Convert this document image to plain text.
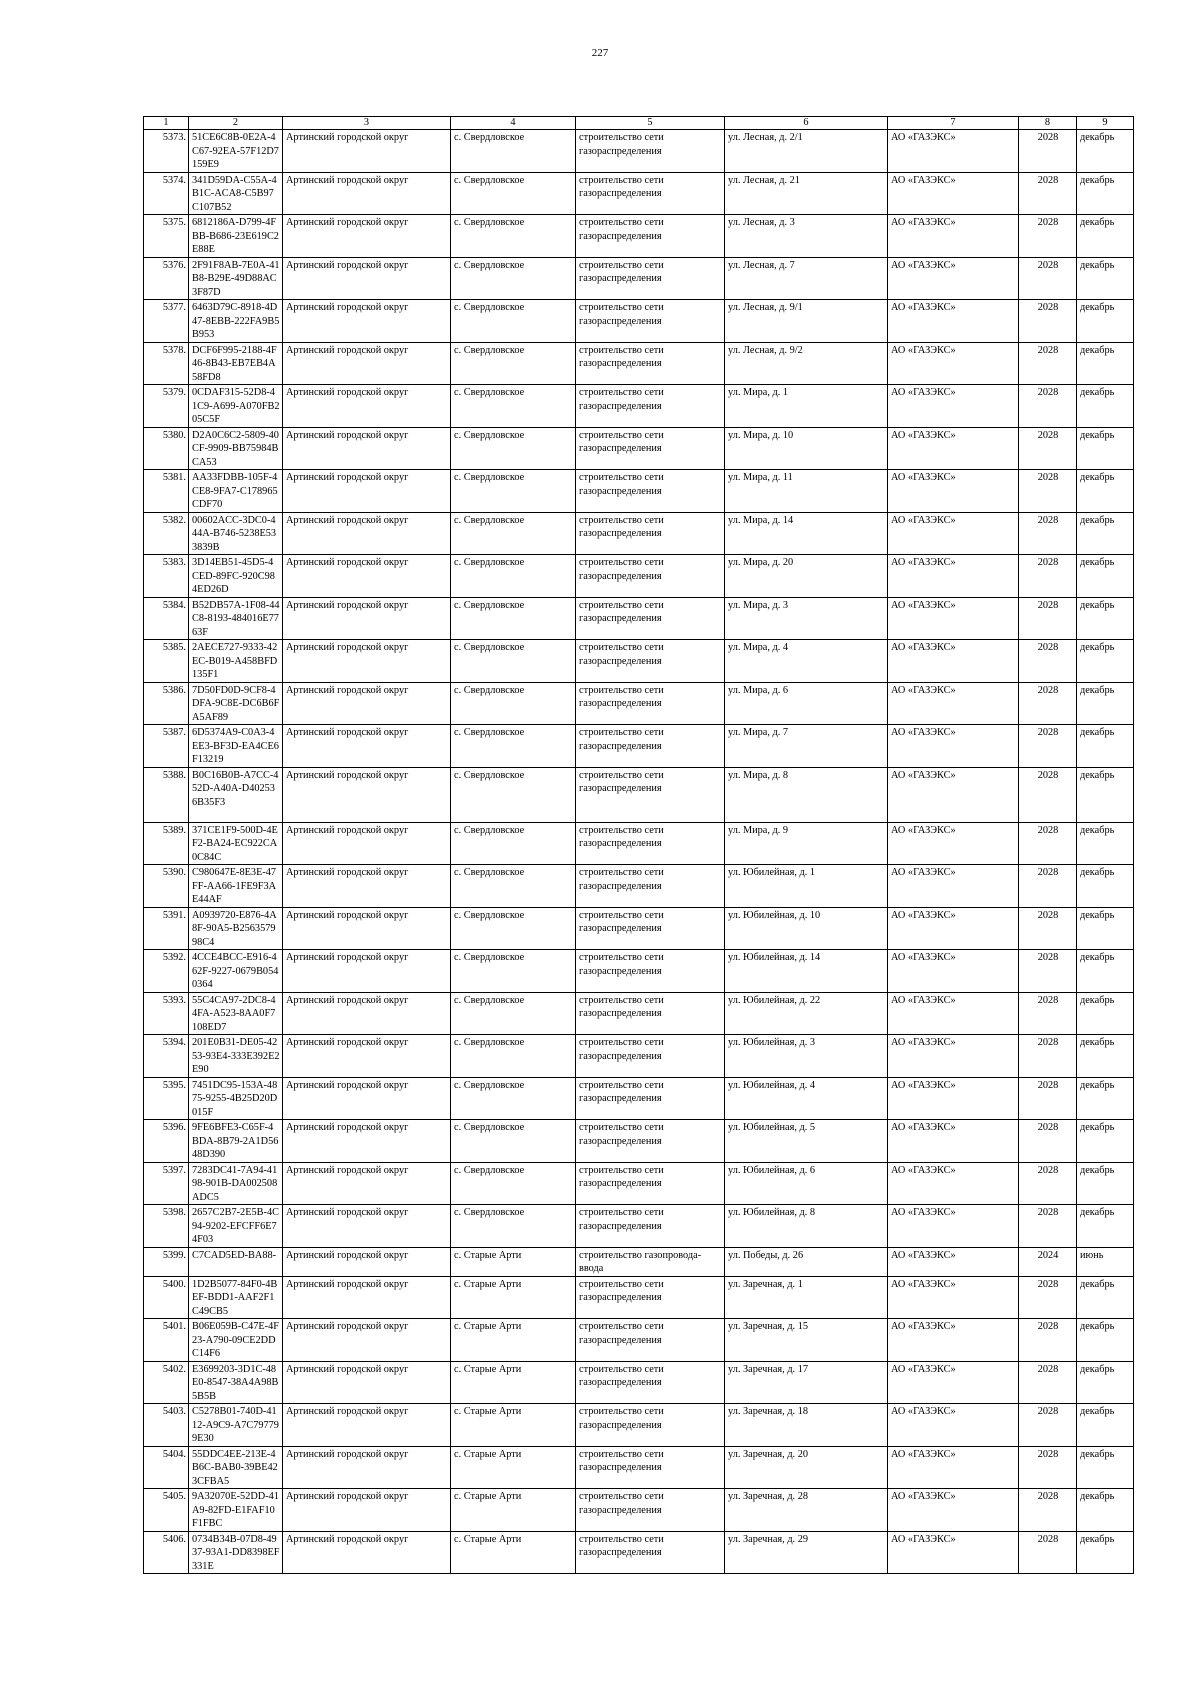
227
1	2	3	4	5	6	7	8	9
5373.	51CE6C8B-0E2A-4C67-92EA-57F12D7159E9	Артинский городской округ	с. Свердловское	строительство сети газораспределения	ул. Лесная, д. 2/1	АО «ГАЗЭКС»	2028	декабрь
5374.	341D59DA-C55A-4B1C-ACA8-C5B97C107B52	Артинский городской округ	с. Свердловское	строительство сети газораспределения	ул. Лесная, д. 21	АО «ГАЗЭКС»	2028	декабрь
5375.	6812186A-D799-4FBB-B686-23E619C2E88E	Артинский городской округ	с. Свердловское	строительство сети газораспределения	ул. Лесная, д. 3	АО «ГАЗЭКС»	2028	декабрь
5376.	2F91F8AB-7E0A-41B8-B29E-49D88AC3F87D	Артинский городской округ	с. Свердловское	строительство сети газораспределения	ул. Лесная, д. 7	АО «ГАЗЭКС»	2028	декабрь
5377.	6463D79C-8918-4D47-8EBB-222FA9B5B953	Артинский городской округ	с. Свердловское	строительство сети газораспределения	ул. Лесная, д. 9/1	АО «ГАЗЭКС»	2028	декабрь
5378.	DCF6F995-2188-4F46-8B43-EB7EB4A58FD8	Артинский городской округ	с. Свердловское	строительство сети газораспределения	ул. Лесная, д. 9/2	АО «ГАЗЭКС»	2028	декабрь
5379.	0CDAF315-52D8-41C9-A699-A070FB205C5F	Артинский городской округ	с. Свердловское	строительство сети газораспределения	ул. Мира, д. 1	АО «ГАЗЭКС»	2028	декабрь
5380.	D2A0C6C2-5809-40CF-9909-BB75984BCA53	Артинский городской округ	с. Свердловское	строительство сети газораспределения	ул. Мира, д. 10	АО «ГАЗЭКС»	2028	декабрь
5381.	AA33FDBB-105F-4CE8-9FA7-C178965CDF70	Артинский городской округ	с. Свердловское	строительство сети газораспределения	ул. Мира, д. 11	АО «ГАЗЭКС»	2028	декабрь
5382.	00602ACC-3DC0-444A-B746-5238E533839B	Артинский городской округ	с. Свердловское	строительство сети газораспределения	ул. Мира, д. 14	АО «ГАЗЭКС»	2028	декабрь
5383.	3D14EB51-45D5-4CED-89FC-920C984ED26D	Артинский городской округ	с. Свердловское	строительство сети газораспределения	ул. Мира, д. 20	АО «ГАЗЭКС»	2028	декабрь
5384.	B52DB57A-1F08-44C8-8193-484016E7763F	Артинский городской округ	с. Свердловское	строительство сети газораспределения	ул. Мира, д. 3	АО «ГАЗЭКС»	2028	декабрь
5385.	2AECE727-9333-42EC-B019-A458BFD135F1	Артинский городской округ	с. Свердловское	строительство сети газораспределения	ул. Мира, д. 4	АО «ГАЗЭКС»	2028	декабрь
5386.	7D50FD0D-9CF8-4DFA-9C8E-DC6B6FA5AF89	Артинский городской округ	с. Свердловское	строительство сети газораспределения	ул. Мира, д. 6	АО «ГАЗЭКС»	2028	декабрь
5387.	6D5374A9-C0A3-4EE3-BF3D-EA4CE6F13219	Артинский городской округ	с. Свердловское	строительство сети газораспределения	ул. Мира, д. 7	АО «ГАЗЭКС»	2028	декабрь
5388.	B0C16B0B-A7CC-452D-A40A-D402536B35F3	Артинский городской округ	с. Свердловское	строительство сети газораспределения	ул. Мира, д. 8	АО «ГАЗЭКС»	2028	декабрь
5389.	371CE1F9-500D-4EF2-BA24-EC922CA0C84C	Артинский городской округ	с. Свердловское	строительство сети газораспределения	ул. Мира, д. 9	АО «ГАЗЭКС»	2028	декабрь
5390.	C980647E-8E3E-47FF-AA66-1FE9F3AE44AF	Артинский городской округ	с. Свердловское	строительство сети газораспределения	ул. Юбилейная, д. 1	АО «ГАЗЭКС»	2028	декабрь
5391.	A0939720-E876-4A8F-90A5-B256357998C4	Артинский городской округ	с. Свердловское	строительство сети газораспределения	ул. Юбилейная, д. 10	АО «ГАЗЭКС»	2028	декабрь
5392.	4CCE4BCC-E916-462F-9227-0679B0540364	Артинский городской округ	с. Свердловское	строительство сети газораспределения	ул. Юбилейная, д. 14	АО «ГАЗЭКС»	2028	декабрь
5393.	55C4CA97-2DC8-44FA-A523-8AA0F7108ED7	Артинский городской округ	с. Свердловское	строительство сети газораспределения	ул. Юбилейная, д. 22	АО «ГАЗЭКС»	2028	декабрь
5394.	201E0B31-DE05-4253-93E4-333E392E2E90	Артинский городской округ	с. Свердловское	строительство сети газораспределения	ул. Юбилейная, д. 3	АО «ГАЗЭКС»	2028	декабрь
5395.	7451DC95-153A-4875-9255-4B25D20D015F	Артинский городской округ	с. Свердловское	строительство сети газораспределения	ул. Юбилейная, д. 4	АО «ГАЗЭКС»	2028	декабрь
5396.	9FE6BFE3-C65F-4BDA-8B79-2A1D5648D390	Артинский городской округ	с. Свердловское	строительство сети газораспределения	ул. Юбилейная, д. 5	АО «ГАЗЭКС»	2028	декабрь
5397.	7283DC41-7A94-4198-901B-DA002508ADC5	Артинский городской округ	с. Свердловское	строительство сети газораспределения	ул. Юбилейная, д. 6	АО «ГАЗЭКС»	2028	декабрь
5398.	2657C2B7-2E5B-4C94-9202-EFCFF6E74F03	Артинский городской округ	с. Свердловское	строительство сети газораспределения	ул. Юбилейная, д. 8	АО «ГАЗЭКС»	2028	декабрь
5399.	C7CAD5ED-BA88-	Артинский городской округ	с. Старые Арти	строительство газопровода-ввода	ул. Победы, д. 26	АО «ГАЗЭКС»	2024	июнь
5400.	1D2B5077-84F0-4BEF-BDD1-AAF2F1C49CB5	Артинский городской округ	с. Старые Арти	строительство сети газораспределения	ул. Заречная, д. 1	АО «ГАЗЭКС»	2028	декабрь
5401.	B06E059B-C47E-4F23-A790-09CE2DDC14F6	Артинский городской округ	с. Старые Арти	строительство сети газораспределения	ул. Заречная, д. 15	АО «ГАЗЭКС»	2028	декабрь
5402.	E3699203-3D1C-48E0-8547-38A4A98B5B5B	Артинский городской округ	с. Старые Арти	строительство сети газораспределения	ул. Заречная, д. 17	АО «ГАЗЭКС»	2028	декабрь
5403.	C5278B01-740D-4112-A9C9-A7C797799E30	Артинский городской округ	с. Старые Арти	строительство сети газораспределения	ул. Заречная, д. 18	АО «ГАЗЭКС»	2028	декабрь
5404.	55DDC4EE-213E-4B6C-BAB0-39BE423CFBA5	Артинский городской округ	с. Старые Арти	строительство сети газораспределения	ул. Заречная, д. 20	АО «ГАЗЭКС»	2028	декабрь
5405.	9A32070E-52DD-41A9-82FD-E1FAF10F1FBC	Артинский городской округ	с. Старые Арти	строительство сети газораспределения	ул. Заречная, д. 28	АО «ГАЗЭКС»	2028	декабрь
5406.	0734B34B-07D8-4937-93A1-DD8398EF331E	Артинский городской округ	с. Старые Арти	строительство сети газораспределения	ул. Заречная, д. 29	АО «ГАЗЭКС»	2028	декабрь
